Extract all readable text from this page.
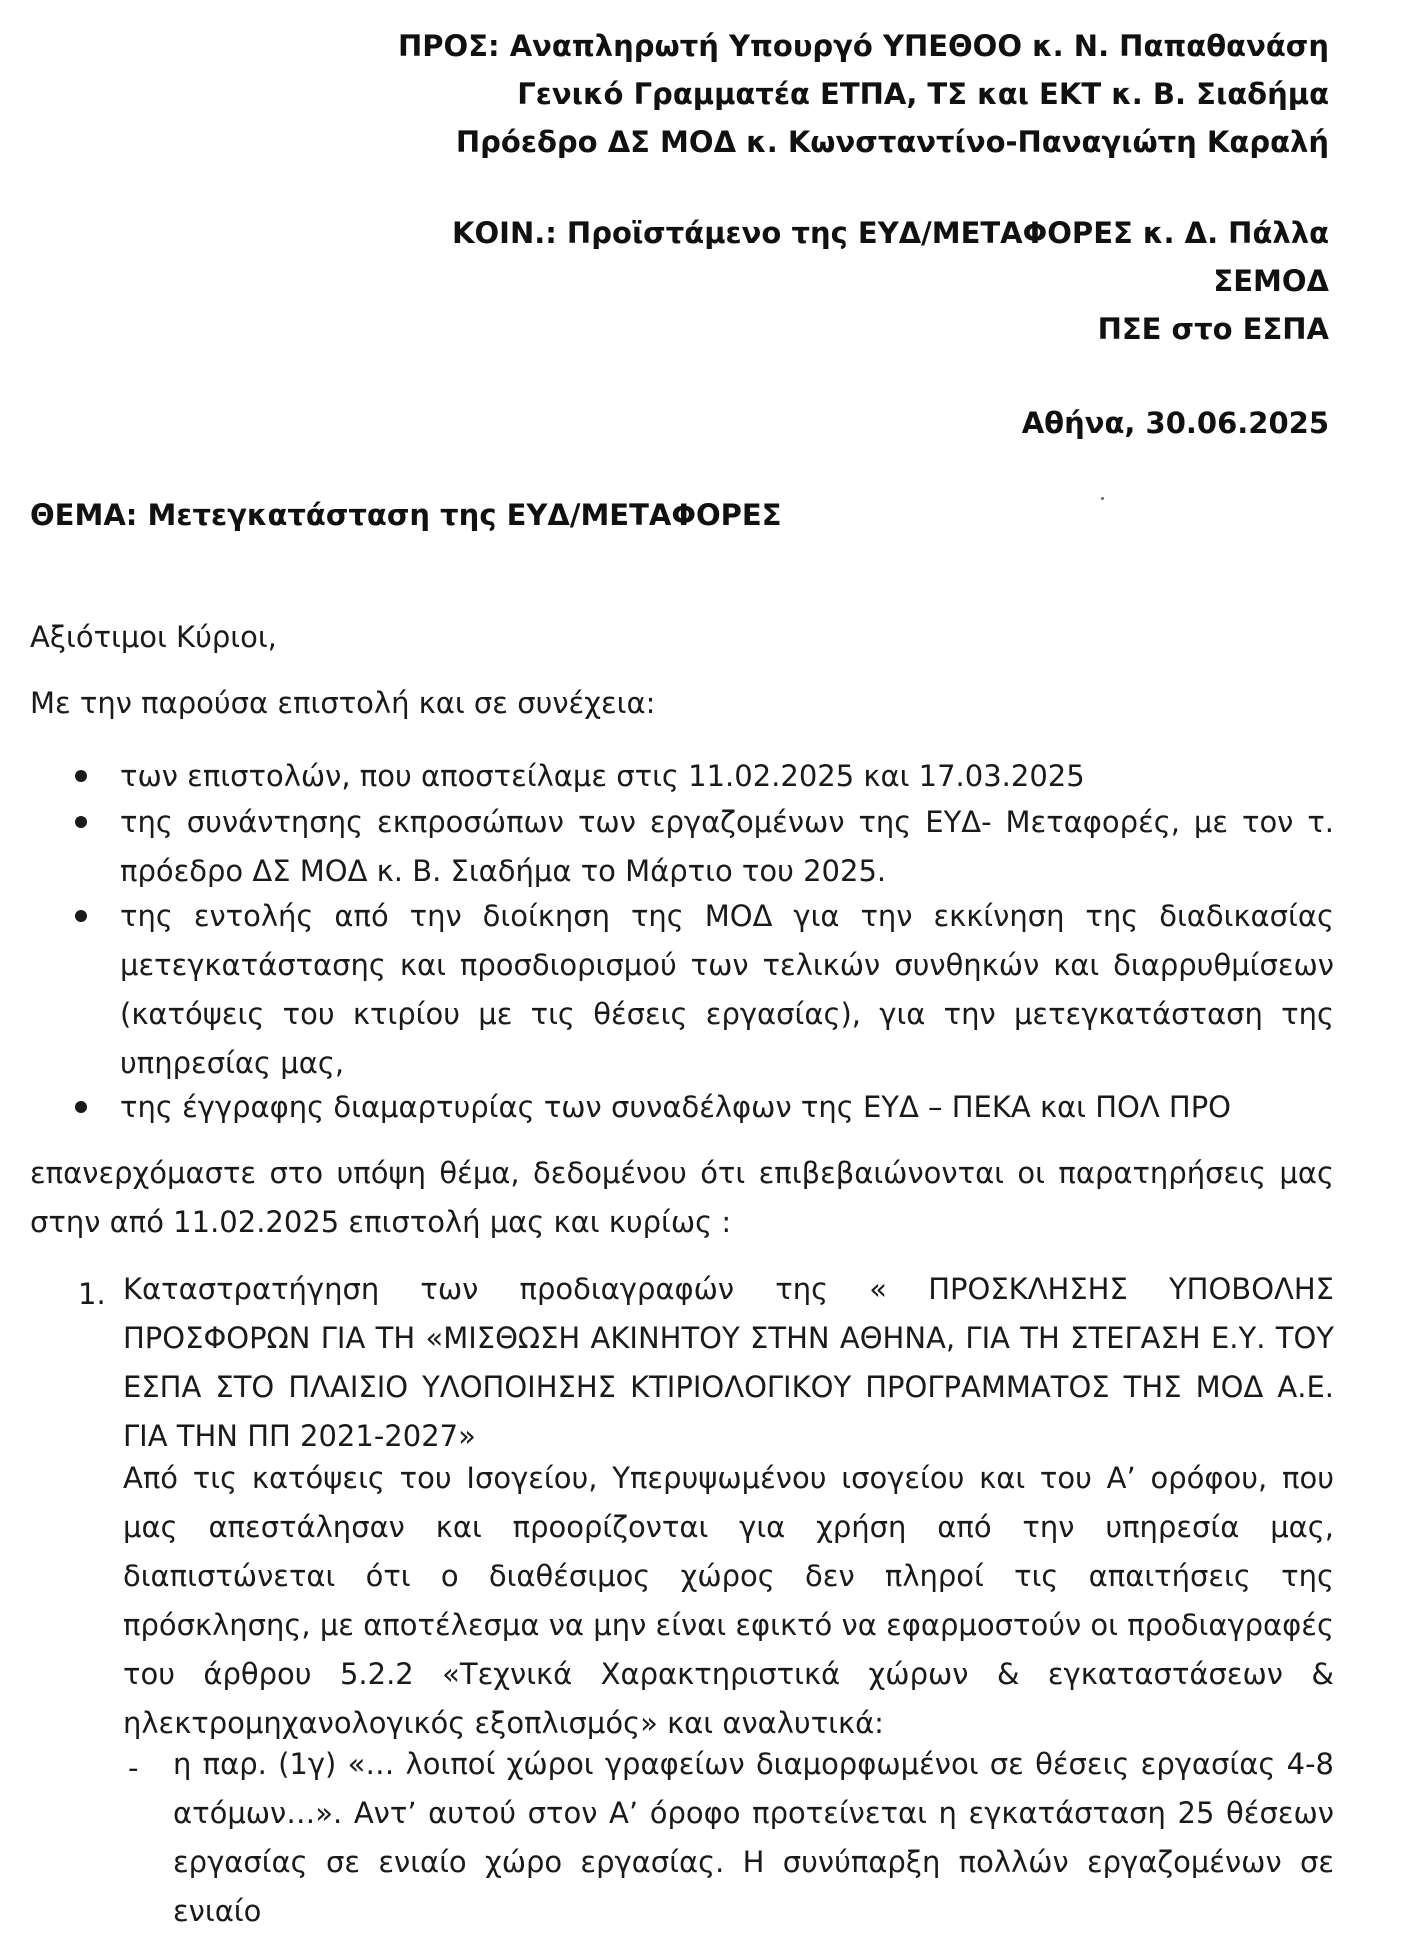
ΠΡΟΣ: Αναπληρωτή Υπουργό ΥΠΕΘΟΟ κ. Ν. Παπαθανάση
Γενικό Γραμματέα ΕΤΠΑ, ΤΣ και ΕΚΤ κ. Β. Σιαδήμα
Πρόεδρο ΔΣ ΜΟΔ κ. Κωνσταντίνο-Παναγιώτη Καραλή
ΚΟΙΝ.: Προϊστάμενο της ΕΥΔ/ΜΕΤΑΦΟΡΕΣ κ. Δ. Πάλλα
ΣΕΜΟΔ
ΠΣΕ στο ΕΣΠΑ
Αθήνα, 30.06.2025
ΘΕΜΑ: Μετεγκατάσταση της ΕΥΔ/ΜΕΤΑΦΟΡΕΣ
Αξιότιμοι Κύριοι,
Με την παρούσα επιστολή και σε συνέχεια:
των επιστολών, που αποστείλαμε στις 11.02.2025 και 17.03.2025
της συνάντησης εκπροσώπων των εργαζομένων της ΕΥΔ- Μεταφορές, με τον τ. πρόεδρο ΔΣ ΜΟΔ κ. Β. Σιαδήμα το Μάρτιο του 2025.
της εντολής από την διοίκηση της ΜΟΔ για την εκκίνηση της διαδικασίας μετεγκατάστασης και προσδιορισμού των τελικών συνθηκών και διαρρυθμίσεων (κατόψεις του κτιρίου με τις θέσεις εργασίας), για την μετεγκατάσταση της υπηρεσίας μας,
της έγγραφης διαμαρτυρίας των συναδέλφων της ΕΥΔ – ΠΕΚΑ και ΠΟΛ ΠΡΟ
επανερχόμαστε στο υπόψη θέμα, δεδομένου ότι επιβεβαιώνονται οι παρατηρήσεις μας στην από 11.02.2025 επιστολή μας και κυρίως :
1. Καταστρατήγηση των προδιαγραφών της « ΠΡΟΣΚΛΗΣΗΣ ΥΠΟΒΟΛΗΣ ΠΡΟΣΦΟΡΩΝ ΓΙΑ ΤΗ «ΜΙΣΘΩΣΗ ΑΚΙΝΗΤΟΥ ΣΤΗΝ ΑΘΗΝΑ, ΓΙΑ ΤΗ ΣΤΕΓΑΣΗ Ε.Υ. ΤΟΥ ΕΣΠΑ ΣΤΟ ΠΛΑΙΣΙΟ ΥΛΟΠΟΙΗΣΗΣ ΚΤΙΡΙΟΛΟΓΙΚΟΥ ΠΡΟΓΡΑΜΜΑΤΟΣ ΤΗΣ ΜΟΔ Α.Ε. ΓΙΑ ΤΗΝ ΠΠ 2021-2027»
Από τις κατόψεις του Ισογείου, Υπερυψωμένου ισογείου και του Α’ ορόφου, που μας απεστάλησαν και προορίζονται για χρήση από την υπηρεσία μας, διαπιστώνεται ότι ο διαθέσιμος χώρος δεν πληροί τις απαιτήσεις της πρόσκλησης, με αποτέλεσμα να μην είναι εφικτό να εφαρμοστούν οι προδιαγραφές του άρθρου 5.2.2 «Τεχνικά Χαρακτηριστικά χώρων & εγκαταστάσεων & ηλεκτρομηχανολογικός εξοπλισμός» και αναλυτικά:
- η παρ. (1γ) «… λοιποί χώροι γραφείων διαμορφωμένοι σε θέσεις εργασίας 4-8 ατόμων…». Αντ’ αυτού στον Α’ όροφο προτείνεται η εγκατάσταση 25 θέσεων εργασίας σε ενιαίο χώρο εργασίας. Η συνύπαρξη πολλών εργαζομένων σε ενιαίο
